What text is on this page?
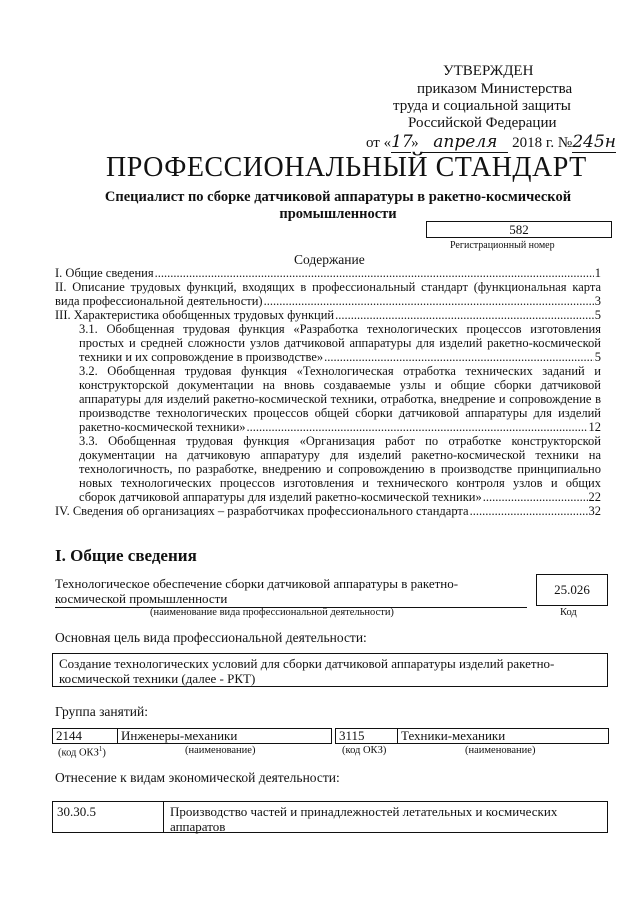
УТВЕРЖДЕН
приказом Министерства
труда и социальной защиты
Российской Федерации
от «17» апреля 2018 г. №245н
ПРОФЕССИОНАЛЬНЫЙ СТАНДАРТ
Специалист по сборке датчиковой аппаратуры в ракетно-космической промышленности
582
Регистрационный номер
Содержание
I. Общие сведения .....	1
II. Описание трудовых функций, входящих в профессиональный стандарт (функциональная карта
вида профессиональной деятельности) .....	3
III. Характеристика обобщенных трудовых функций .....	5
3.1. Обобщенная трудовая функция «Разработка технологических процессов изготовления простых и средней сложности узлов датчиковой аппаратуры для изделий ракетно-космической
техники и их сопровождение в производстве» .....	5
3.2. Обобщенная трудовая функция «Технологическая отработка технических заданий и конструкторской документации на вновь создаваемые узлы и общие сборки датчиковой аппаратуры для изделий ракетно-космической техники, отработка, внедрение и сопровождение в производстве технологических процессов общей сборки датчиковой аппаратуры для изделий
ракетно-космической техники» .....	12
3.3. Обобщенная трудовая функция «Организация работ по отработке конструкторской документации на датчиковую аппаратуру для изделий ракетно-космической техники на технологичность, по разработке, внедрению и сопровождению в производстве принципиально новых технологических процессов изготовления и технического контроля узлов и общих
сборок датчиковой аппаратуры для изделий ракетно-космической техники» .....	22
IV. Сведения об организациях – разработчиках профессионального стандарта .....	32
I. Общие сведения
Технологическое обеспечение сборки датчиковой аппаратуры в ракетно-космической промышленности
(наименование вида профессиональной деятельности)
25.026
Код
Основная цель вида профессиональной деятельности:
Создание технологических условий для сборки датчиковой аппаратуры изделий ракетно-космической техники (далее - РКТ)
Группа занятий:
2144	Инженеры-механики	3115	Техники-механики
(код ОКЗ$^1$)	(наименование)	(код ОКЗ)	(наименование)
Отнесение к видам экономической деятельности:
30.30.5	Производство частей и принадлежностей летательных и космических аппаратов
